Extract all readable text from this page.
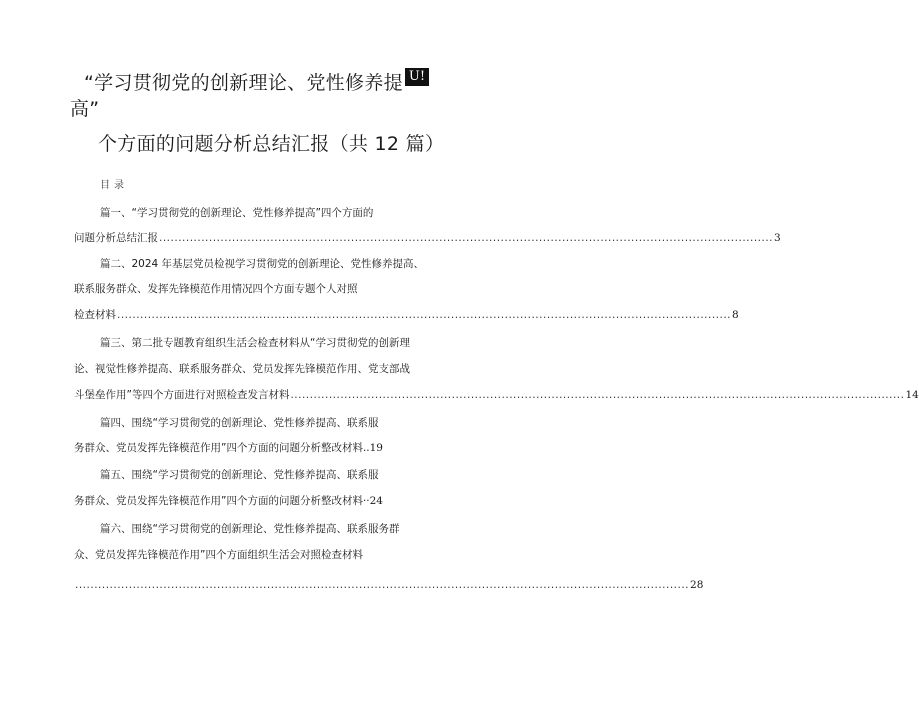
U!
“学习贯彻党的创新理论、党性修养提
高”
个方面的问题分析总结汇报（共 12 篇）
目录
篇一、“学习贯彻党的创新理论、党性修养提高”四个方面的
问题分析总结汇报 ................................................................................................................................................................ 3
篇二、2024 年基层党员检视学习贯彻党的创新理论、党性修养提高、
联系服务群众、发挥先锋模范作用情况四个方面专题个人对照
检查材料 ................................................................................................................................................................ 8
篇三、第二批专题教育组织生活会检查材料从“学习贯彻党的创新理
论、视觉性修养提高、联系服务群众、党员发挥先锋模范作用、党支部战
斗堡垒作用”等四个方面进行对照检查发言材料 ................................................................................................................................................................ 14
篇四、围绕“学习贯彻党的创新理论、党性修养提高、联系服
务群众、党员发挥先锋模范作用”四个方面的问题分析整改材料.. 19
篇五、围绕“学习贯彻党的创新理论、党性修养提高、联系服
务群众、党员发挥先锋模范作用”四个方面的问题分析整改材料·· 24
篇六、围绕“学习贯彻党的创新理论、党性修养提高、联系服务群
众、党员发挥先锋模范作用”四个方面组织生活会对照检查材料
................................................................................................................................................................ 28
